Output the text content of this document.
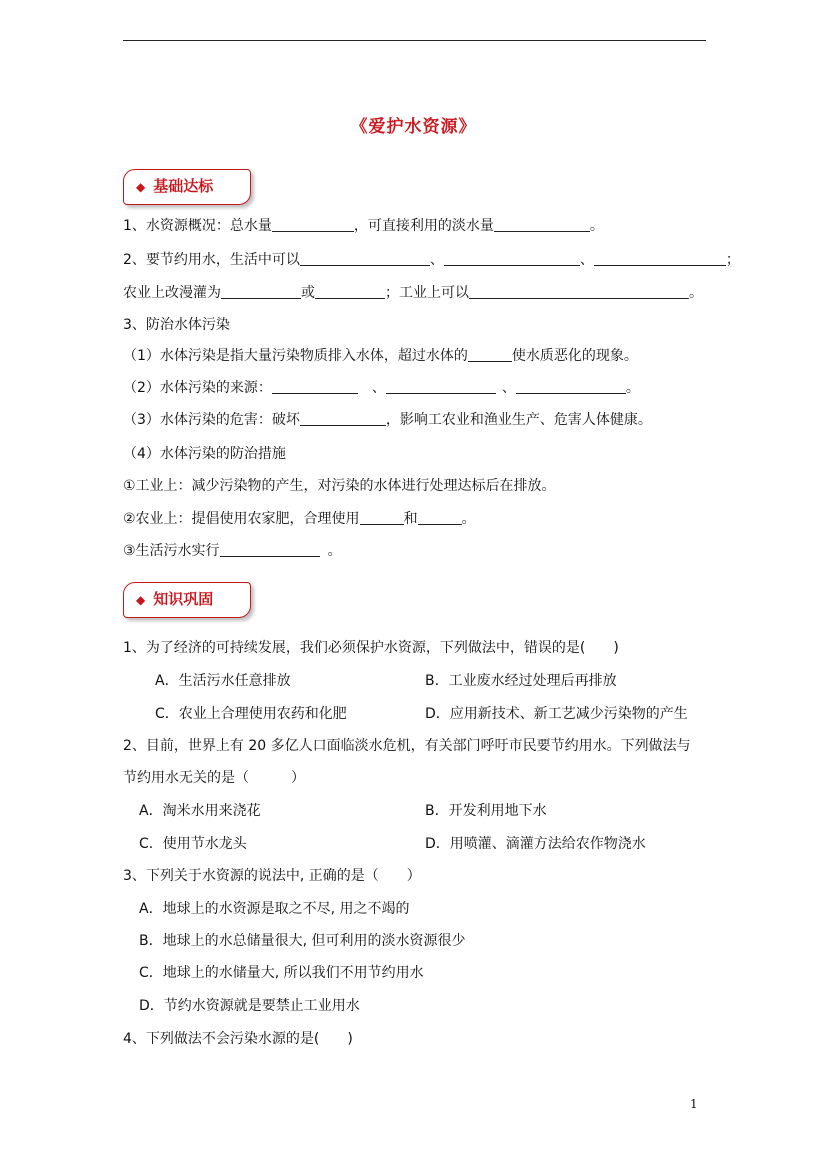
《爱护水资源》
◆ 基础达标
1、水资源概况：总水量	，可直接利用的淡水量	。
2、要节约用水，生活中可以	、	、	；
农业上改漫灌为	或	；工业上可以	。
3、防治水体污染
（1）水体污染是指大量污染物质排入水体，超过水体的	使水质恶化的现象。
（2）水体污染的来源：	、	、	。
（3）水体污染的危害：破坏	，影响工农业和渔业生产、危害人体健康。
（4）水体污染的防治措施
①工业上：减少污染物的产生，对污染的水体进行处理达标后在排放。
②农业上：提倡使用农家肥，合理使用	和	。
③生活污水实行	。
◆ 知识巩固
1、为了经济的可持续发展，我们必须保护水资源，下列做法中，错误的是(　　)
A．生活污水任意排放	B．工业废水经过处理后再排放
C．农业上合理使用农药和化肥	D．应用新技术、新工艺减少污染物的产生
2、目前，世界上有 20 多亿人口面临淡水危机，有关部门呼吁市民要节约用水。下列做法与
节约用水无关的是（　　　）
A．淘米水用来浇花	B．开发利用地下水
C．使用节水龙头	D．用喷灌、滴灌方法给农作物浇水
3、下列关于水资源的说法中, 正确的是（　　）
A．地球上的水资源是取之不尽, 用之不竭的
B．地球上的水总储量很大, 但可利用的淡水资源很少
C．地球上的水储量大, 所以我们不用节约用水
D．节约水资源就是要禁止工业用水
4、下列做法不会污染水源的是(　　)
1
